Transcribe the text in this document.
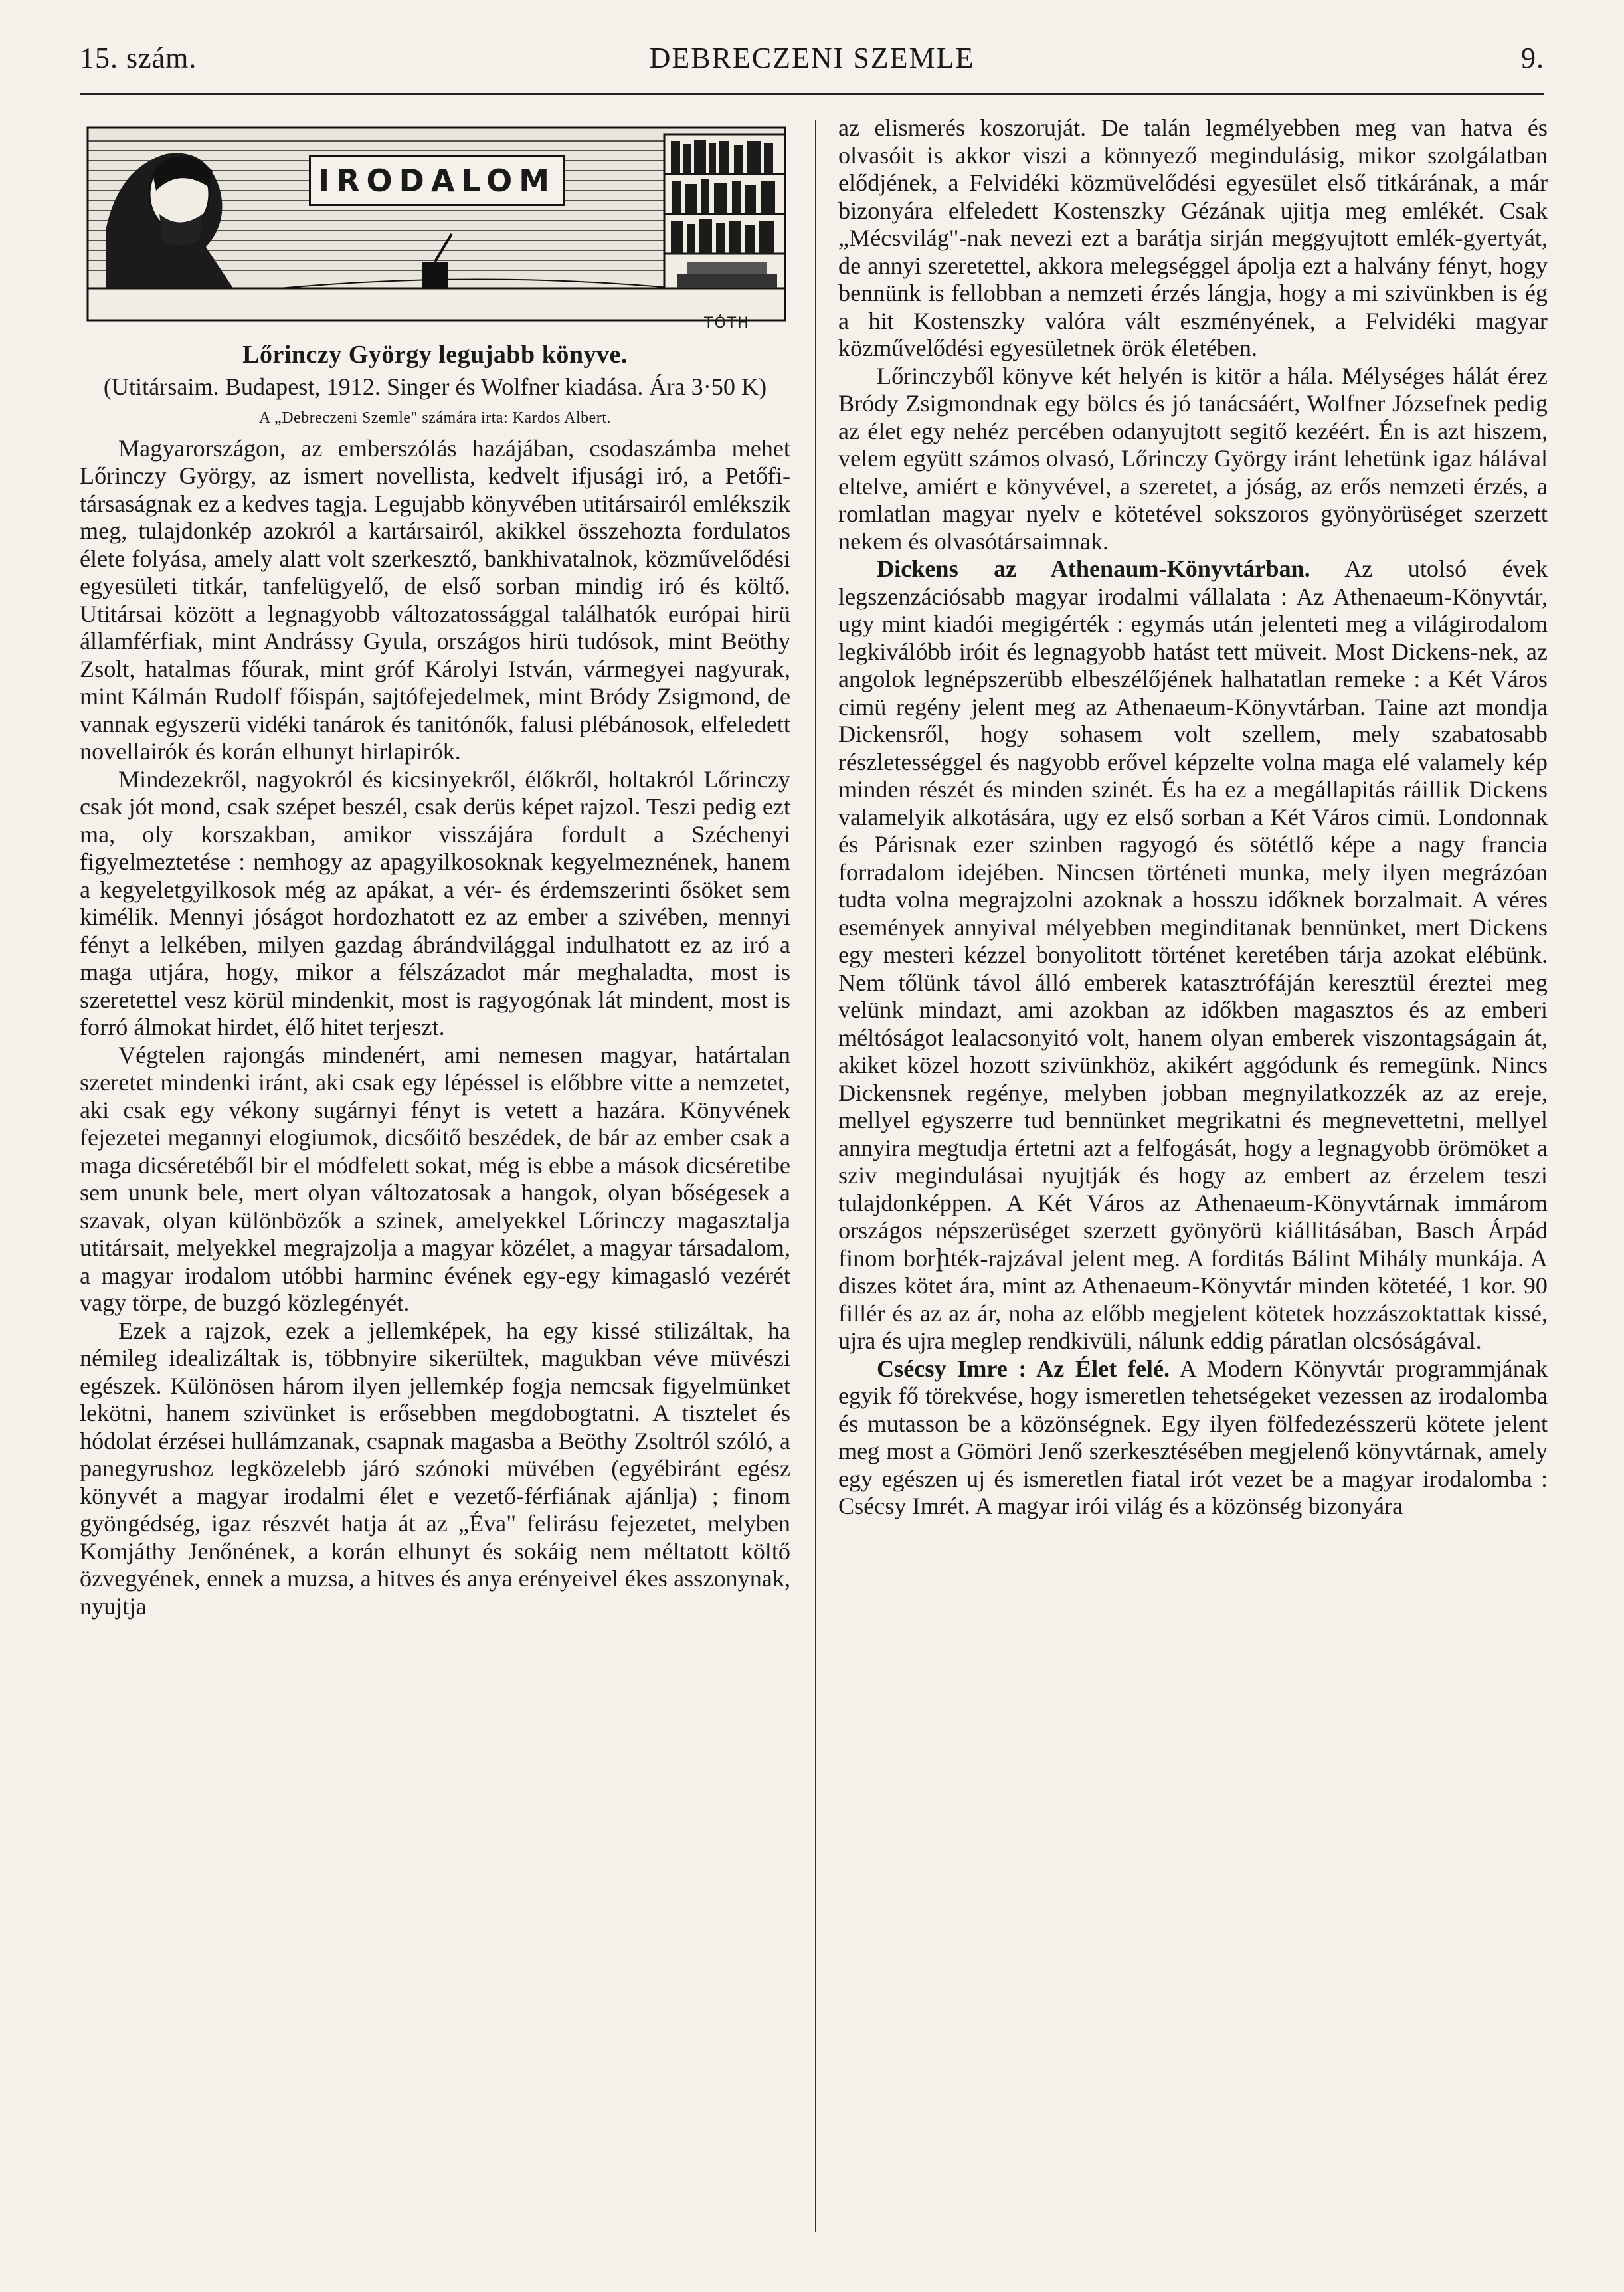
15. szám.	DEBRECZENI SZEMLE	9.
IRODALOM
TÓTH
Lőrinczy György legujabb könyve.

(Utitársaim. Budapest, 1912. Singer és Wolfner kiadása. Ára 3·50 K)

A „Debreczeni Szemle" számára irta: Kardos Albert.

Magyarországon, az emberszólás hazájában, csodaszámba mehet Lőrinczy György, az ismert novellista, kedvelt ifjusági iró, a Petőfi-társaságnak ez a kedves tagja. Legujabb könyvében utitársairól emlékszik meg, tulajdonkép azokról a kartársairól, akikkel összehozta fordulatos élete folyása, amely alatt volt szerkesztő, bankhivatalnok, közművelődési egyesületi titkár, tanfelügyelő, de első sorban mindig iró és költő. Utitársai között a legnagyobb változatossággal találhatók európai hirü államférfiak, mint Andrássy Gyula, országos hirü tudósok, mint Beöthy Zsolt, hatalmas főurak, mint gróf Károlyi István, vármegyei nagyurak, mint Kálmán Rudolf főispán, sajtófejedelmek, mint Bródy Zsigmond, de vannak egyszerü vidéki tanárok és tanitónők, falusi plébánosok, elfeledett novellairók és korán elhunyt hirlapirók.

Mindezekről, nagyokról és kicsinyekről, élőkről, holtakról Lőrinczy csak jót mond, csak szépet beszél, csak derüs képet rajzol. Teszi pedig ezt ma, oly korszakban, amikor visszájára fordult a Széchenyi figyelmeztetése : nemhogy az apagyilkosoknak kegyelmeznének, hanem a kegyeletgyilkosok még az apákat, a vér- és érdemszerinti ősöket sem kimélik. Mennyi jóságot hordozhatott ez az ember a szivében, mennyi fényt a lelkében, milyen gazdag ábrándvilággal indulhatott ez az iró a maga utjára, hogy, mikor a félszázadot már meghaladta, most is szeretettel vesz körül mindenkit, most is ragyogónak lát mindent, most is forró álmokat hirdet, élő hitet terjeszt.

Végtelen rajongás mindenért, ami nemesen magyar, határtalan szeretet mindenki iránt, aki csak egy lépéssel is előbbre vitte a nemzetet, aki csak egy vékony sugárnyi fényt is vetett a hazára. Könyvének fejezetei megannyi elogiumok, dicsőitő beszédek, de bár az ember csak a maga dicséretéből bir el módfelett sokat, még is ebbe a mások dicséretibe sem ununk bele, mert olyan változatosak a hangok, olyan bőségesek a szavak, olyan különbözők a szinek, amelyekkel Lőrinczy magasztalja utitársait, melyekkel megrajzolja a magyar közélet, a magyar társadalom, a magyar irodalom utóbbi harminc évének egy-egy kimagasló vezérét vagy törpe, de buzgó közlegényét.

Ezek a rajzok, ezek a jellemképek, ha egy kissé stilizáltak, ha némileg idealizáltak is, többnyire sikerültek, magukban véve müvészi egészek. Különösen három ilyen jellemkép fogja nemcsak figyelmünket lekötni, hanem szivünket is erősebben megdobogtatni. A tisztelet és hódolat érzései hullámzanak, csapnak magasba a Beöthy Zsoltról szóló, a panegyrushoz legközelebb járó szónoki müvében (egyébiránt egész könyvét a magyar irodalmi élet e vezető-férfiának ajánlja) ; finom gyöngédség, igaz részvét hatja át az „Éva" felirásu fejezetet, melyben Komjáthy Jenőnének, a korán elhunyt és sokáig nem méltatott költő özvegyének, ennek a muzsa, a hitves és anya erényeivel ékes asszonynak, nyujtja

az elismerés koszoruját. De talán legmélyebben meg van hatva és olvasóit is akkor viszi a könnyező megindulásig, mikor szolgálatban elődjének, a Felvidéki közmüvelődési egyesület első titkárának, a már bizonyára elfeledett Kostenszky Gézának ujitja meg emlékét. Csak „Mécsvilág"-nak nevezi ezt a barátja sirján meggyujtott emlék-gyertyát, de annyi szeretettel, akkora melegséggel ápolja ezt a halvány fényt, hogy bennünk is fellobban a nemzeti érzés lángja, hogy a mi szivünkben is ég a hit Kostenszky valóra vált eszményének, a Felvidéki magyar közművelődési egyesületnek örök életében.

Lőrinczyből könyve két helyén is kitör a hála. Mélységes hálát érez Bródy Zsigmondnak egy bölcs és jó tanácsáért, Wolfner Józsefnek pedig az élet egy nehéz percében odanyujtott segitő kezéért. Én is azt hiszem, velem együtt számos olvasó, Lőrinczy György iránt lehetünk igaz hálával eltelve, amiért e könyvével, a szeretet, a jóság, az erős nemzeti érzés, a romlatlan magyar nyelv e kötetével sokszoros gyönyörüséget szerzett nekem és olvasótársaimnak.

Dickens az Athenaum-Könyvtárban. Az utolsó évek legszenzációsabb magyar irodalmi vállalata : Az Athenaeum-Könyvtár, ugy mint kiadói megigérték : egymás után jelenteti meg a világirodalom legkiválóbb iróit és legnagyobb hatást tett müveit. Most Dickens-nek, az angolok legnépszerübb elbeszélőjének halhatatlan remeke : a Két Város cimü regény jelent meg az Athenaeum-Könyvtárban. Taine azt mondja Dickensről, hogy sohasem volt szellem, mely szabatosabb részletességgel és nagyobb erővel képzelte volna maga elé valamely kép minden részét és minden szinét. És ha ez a megállapitás ráillik Dickens valamelyik alkotására, ugy ez első sorban a Két Város cimü. Londonnak és Párisnak ezer szinben ragyogó és sötétlő képe a nagy francia forradalom idejében. Nincsen történeti munka, mely ilyen megrázóan tudta volna megrajzolni azoknak a hosszu időknek borzalmait. A véres események annyival mélyebben meginditanak bennünket, mert Dickens egy mesteri kézzel bonyolitott történet keretében tárja azokat elébünk. Nem tőlünk távol álló emberek katasztrófáján keresztül éreztei meg velünk mindazt, ami azokban az időkben magasztos és az emberi méltóságot lealacsonyitó volt, hanem olyan emberek viszontagságain át, akiket közel hozott szivünkhöz, akikért aggódunk és remegünk. Nincs Dickensnek regénye, melyben jobban megnyilatkozzék az az ereje, mellyel egyszerre tud bennünket megrikatni és megnevettetni, mellyel annyira megtudja értetni azt a felfogását, hogy a legnagyobb örömöket a sziv megindulásai nyujtják és hogy az embert az érzelem teszi tulajdonképpen. A Két Város az Athenaeum-Könyvtárnak immárom országos népszerüséget szerzett gyönyörü kiállitásában, Basch Árpád finom borիték-rajzával jelent meg. A forditás Bálint Mihály munkája. A diszes kötet ára, mint az Athenaeum-Könyvtár minden kötetéé, 1 kor. 90 fillér és az az ár, noha az előbb megjelent kötetek hozzászoktattak kissé, ujra és ujra meglep rendkivüli, nálunk eddig páratlan olcsóságával.

Csécsy Imre : Az Élet felé. A Modern Könyvtár programmjának egyik fő törekvése, hogy ismeretlen tehetségeket vezessen az irodalomba és mutasson be a közönségnek. Egy ilyen fölfedezésszerü kötete jelent meg most a Gömöri Jenő szerkesztésében megjelenő könyvtárnak, amely egy egészen uj és ismeretlen fiatal irót vezet be a magyar irodalomba : Csécsy Imrét. A magyar irói világ és a közönség bizonyára
